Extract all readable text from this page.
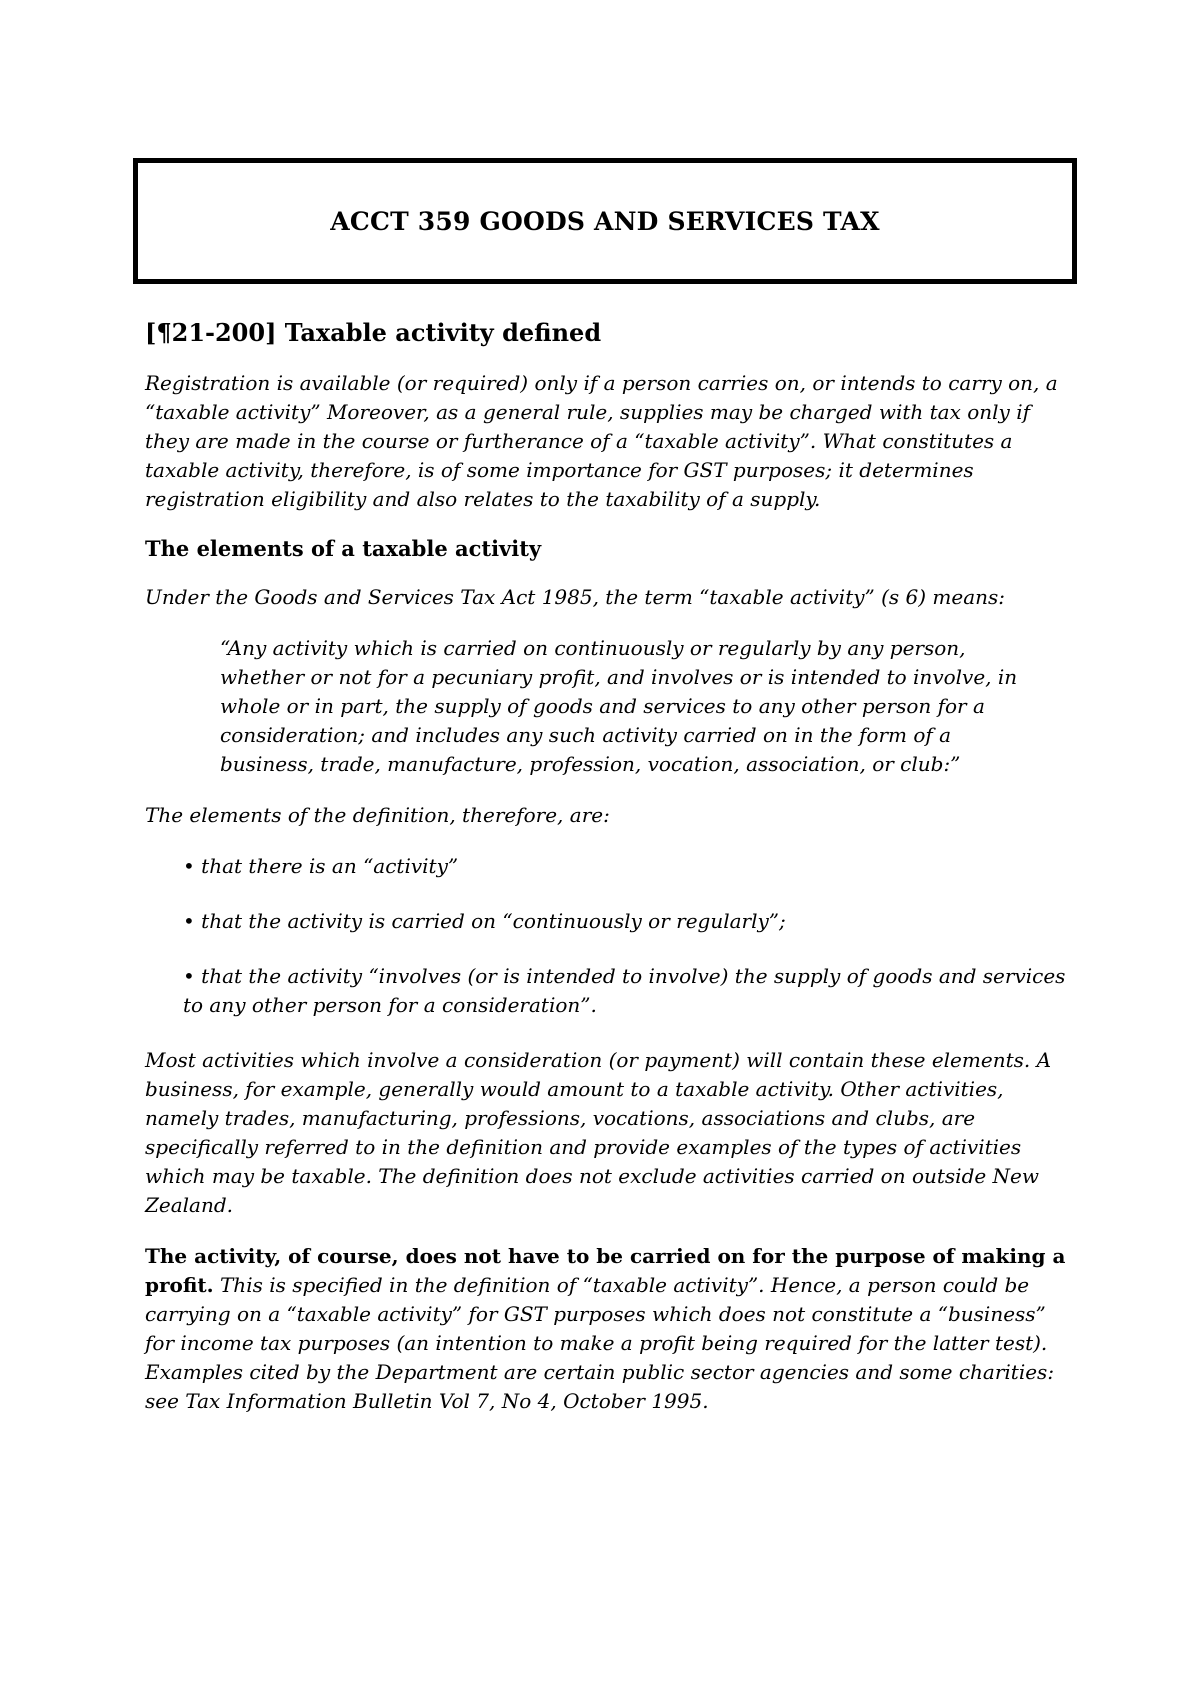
ACCT 359 GOODS AND SERVICES TAX
[¶21-200] Taxable activity defined

Registration is available (or required) only if a person carries on, or intends to carry on, a “taxable activity” Moreover, as a general rule, supplies may be charged with tax only if they are made in the course or furtherance of a “taxable activity”. What constitutes a taxable activity, therefore, is of some importance for GST purposes; it determines registration eligibility and also relates to the taxability of a supply.

The elements of a taxable activity

Under the Goods and Services Tax Act 1985, the term “taxable activity” (s 6) means:

“Any activity which is carried on continuously or regularly by any person, whether or not for a pecuniary profit, and involves or is intended to involve, in whole or in part, the supply of goods and services to any other person for a consideration; and includes any such activity carried on in the form of a business, trade, manufacture, profession, vocation, association, or club:”

The elements of the definition, therefore, are:

• that there is an “activity”
• that the activity is carried on “continuously or regularly”;
• that the activity “involves (or is intended to involve) the supply of goods and services to any other person for a consideration”.

Most activities which involve a consideration (or payment) will contain these elements. A business, for example, generally would amount to a taxable activity. Other activities, namely trades, manufacturing, professions, vocations, associations and clubs, are specifically referred to in the definition and provide examples of the types of activities which may be taxable. The definition does not exclude activities carried on outside New Zealand.

The activity, of course, does not have to be carried on for the purpose of making a profit. This is specified in the definition of “taxable activity”. Hence, a person could be carrying on a “taxable activity” for GST purposes which does not constitute a “business” for income tax purposes (an intention to make a profit being required for the latter test). Examples cited by the Department are certain public sector agencies and some charities: see Tax Information Bulletin Vol 7, No 4, October 1995.
